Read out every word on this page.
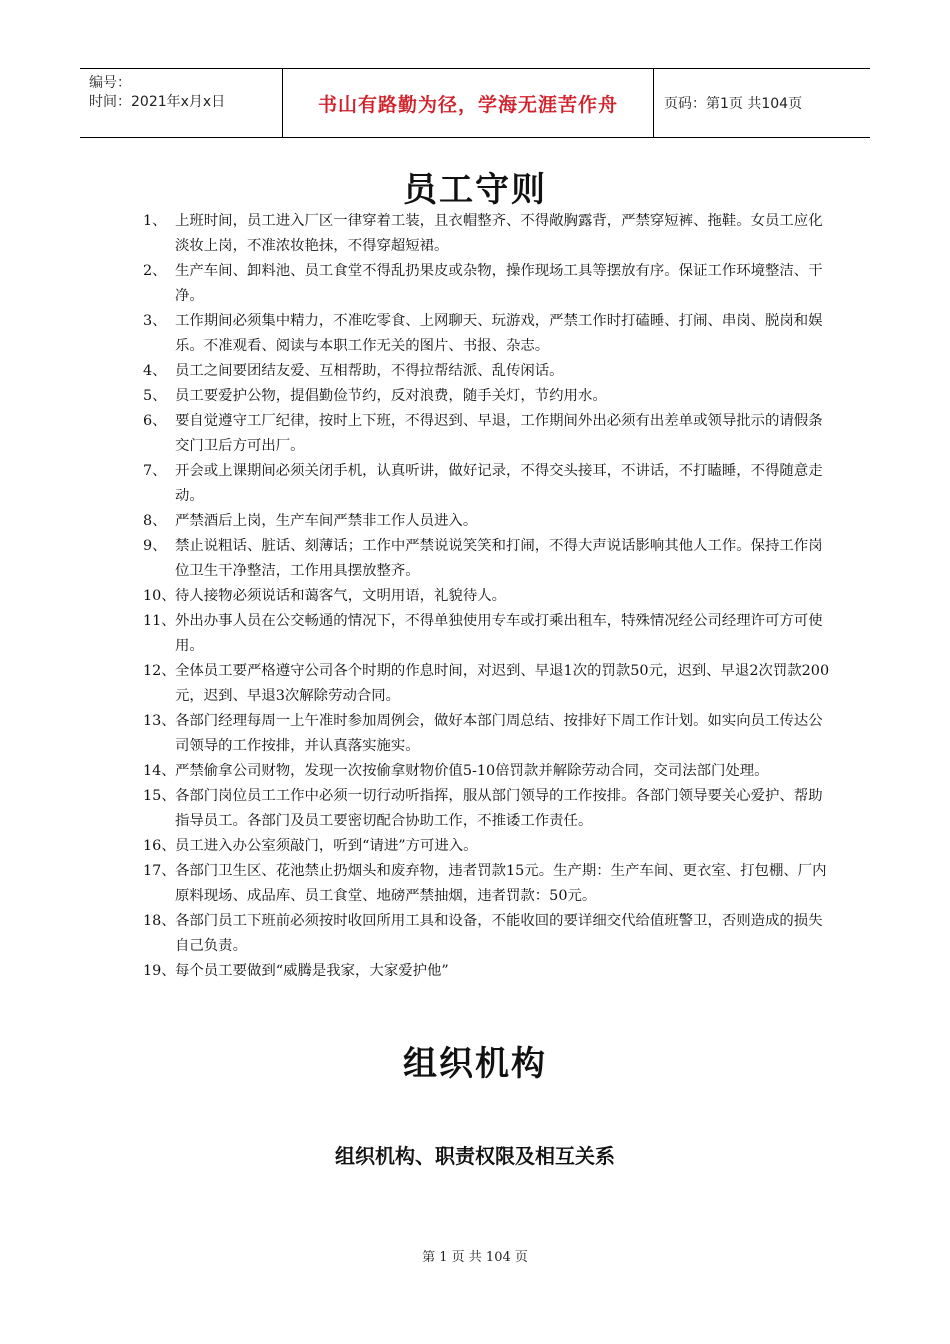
编号：
时间：2021年x月x日	书山有路勤为径，学海无涯苦作舟	页码：第1页 共104页
员工守则
1、 上班时间，员工进入厂区一律穿着工装，且衣帽整齐、不得敞胸露背，严禁穿短裤、拖鞋。女员工应化淡妆上岗，不准浓妆艳抹，不得穿超短裙。
2、 生产车间、卸料池、员工食堂不得乱扔果皮或杂物，操作现场工具等摆放有序。保证工作环境整洁、干净。
3、 工作期间必须集中精力，不准吃零食、上网聊天、玩游戏，严禁工作时打磕睡、打闹、串岗、脱岗和娱乐。不准观看、阅读与本职工作无关的图片、书报、杂志。
4、 员工之间要团结友爱、互相帮助，不得拉帮结派、乱传闲话。
5、 员工要爱护公物，提倡勤俭节约，反对浪费，随手关灯，节约用水。
6、 要自觉遵守工厂纪律，按时上下班，不得迟到、早退，工作期间外出必须有出差单或领导批示的请假条交门卫后方可出厂。
7、 开会或上课期间必须关闭手机，认真听讲，做好记录，不得交头接耳，不讲话，不打瞌睡，不得随意走动。
8、 严禁酒后上岗，生产车间严禁非工作人员进入。
9、 禁止说粗话、脏话、刻薄话；工作中严禁说说笑笑和打闹，不得大声说话影响其他人工作。保持工作岗位卫生干净整洁，工作用具摆放整齐。
10、 待人接物必须说话和蔼客气，文明用语，礼貌待人。
11、 外出办事人员在公交畅通的情况下，不得单独使用专车或打乘出租车，特殊情况经公司经理许可方可使用。
12、 全体员工要严格遵守公司各个时期的作息时间，对迟到、早退1次的罚款50元，迟到、早退2次罚款200元，迟到、早退3次解除劳动合同。
13、 各部门经理每周一上午准时参加周例会，做好本部门周总结、按排好下周工作计划。如实向员工传达公司领导的工作按排，并认真落实施实。
14、 严禁偷拿公司财物，发现一次按偷拿财物价值5-10倍罚款并解除劳动合同，交司法部门处理。
15、 各部门岗位员工工作中必须一切行动听指挥，服从部门领导的工作按排。各部门领导要关心爱护、帮助指导员工。各部门及员工要密切配合协助工作，不推诿工作责任。
16、 员工进入办公室须敲门，听到“请进”方可进入。
17、 各部门卫生区、花池禁止扔烟头和废弃物，违者罚款15元。生产期：生产车间、更衣室、打包棚、厂内原料现场、成品库、员工食堂、地磅严禁抽烟，违者罚款：50元。
18、 各部门员工下班前必须按时收回所用工具和设备，不能收回的要详细交代给值班警卫，否则造成的损失自己负责。
19、 每个员工要做到“威腾是我家，大家爱护他”
组织机构
组织机构、职责权限及相互关系
第 1 页 共 104 页
